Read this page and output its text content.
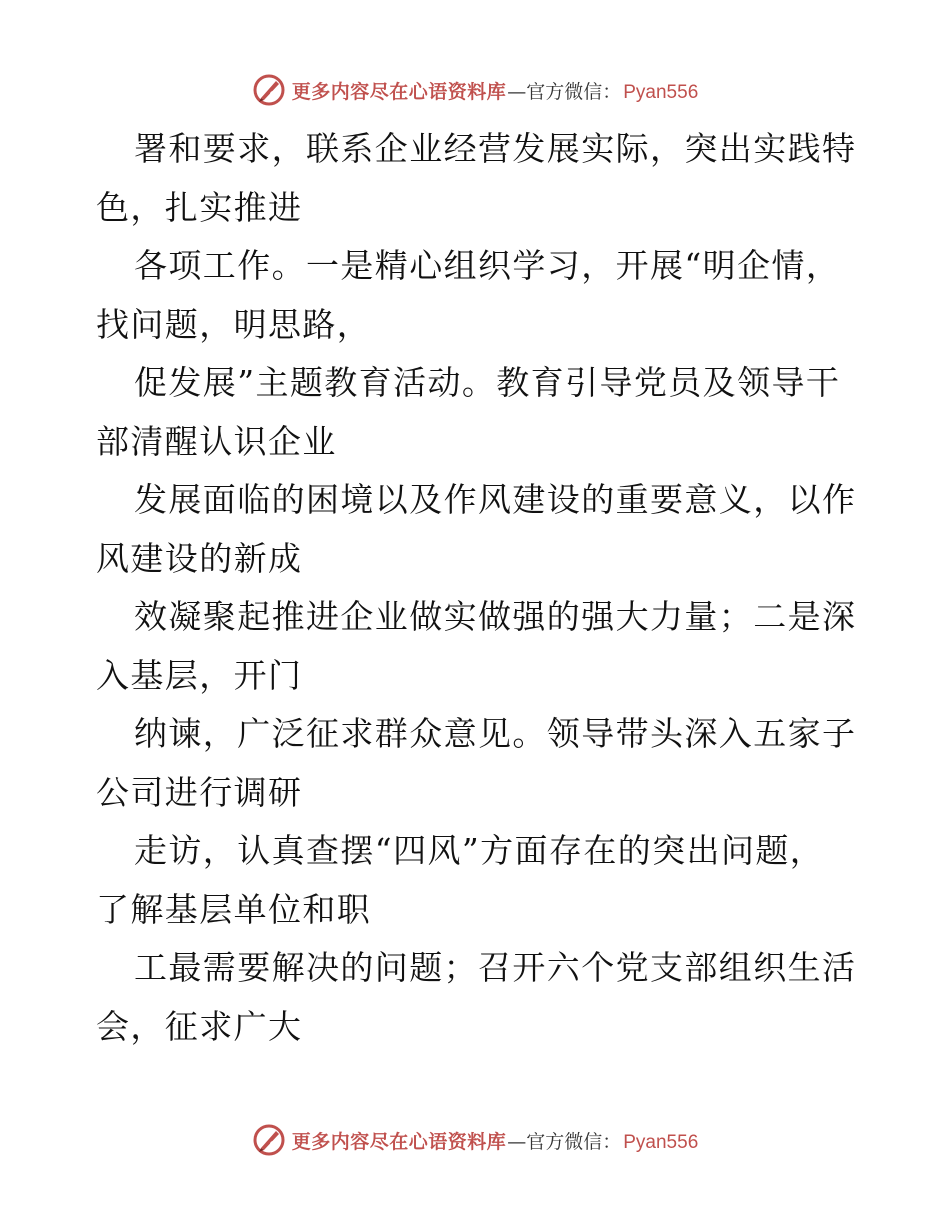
更多内容尽在心语资料库 —官方微信： Pyan556
署和要求，联系企业经营发展实际，突出实践特
色，扎实推进
各项工作。一是精心组织学习，开展“明企情，
找问题，明思路，
促发展”主题教育活动。教育引导党员及领导干
部清醒认识企业
发展面临的困境以及作风建设的重要意义，以作
风建设的新成
效凝聚起推进企业做实做强的强大力量；二是深
入基层，开门
纳谏，广泛征求群众意见。领导带头深入五家子
公司进行调研
走访，认真查摆“四风”方面存在的突出问题，
了解基层单位和职
工最需要解决的问题；召开六个党支部组织生活
会，征求广大
更多内容尽在心语资料库 —官方微信： Pyan556
